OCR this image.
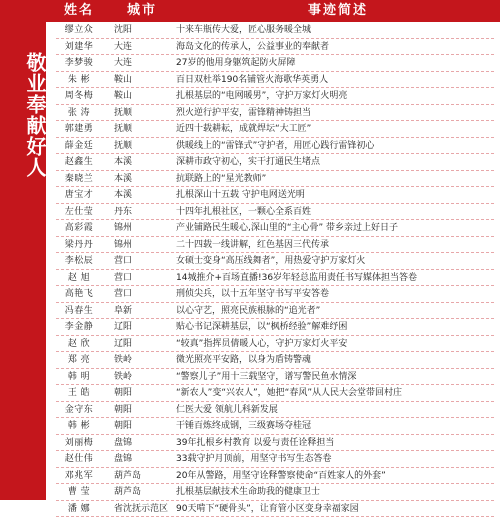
敬业奉献好人
姓名	城市	事迹简述
缪立众	沈阳	十来车瓶传大爱，匠心服务暖全城
刘建华	大连	海岛文化的传承人，公益事业的奉献者
李梦骏	大连	27岁的他用身躯筑起防火屏障
朱 彬	鞍山	百日双杜举190名铺管火海歌华英勇人
周冬梅	鞍山	扎根基层的“电网暖男”，守护万家灯火明亮
张 涛	抚顺	烈火逆行护平安，雷锋精神铸担当
郭建勇	抚顺	近四十载耕耘，成就焊坛“大工匠”
薛金廷	抚顺	供暖线上的“雷锋式”守护者，用匠心践行雷锋初心
赵鑫生	本溪	深耕市政守初心，实干打通民生堵点
秦晓兰	本溪	抗联路上的“星光教师”
唐宝才	本溪	扎根深山十五载 守护电网送光明
左仕莹	丹东	十四年扎根社区，一颗心全系百姓
高彩霞	锦州	产业铺路民生暖心,深山里的“主心骨” 带乡亲过上好日子
梁丹丹	锦州	二十四载一线讲解，红色基因三代传承
李松辰	营口	女硕士变身“高压线舞者”，用热爱守护万家灯火
赵 旭	营口	14城推介+百场直播!36岁年轻总监用责任书写媒体担当答卷
高艳飞	营口	刑侦尖兵，以十五年坚守书写平安答卷
冯春生	阜新	以心守艺，照亮民族根脉的“追光者”
李金静	辽阳	贴心书记深耕基层，以“枫桥经验”解难纾困
赵 欣	辽阳	“较真”指挥员倩暖人心，守护万家灯火平安
郑 亮	铁岭	微光照亮平安路，以身为盾铸警魂
韩 明	铁岭	“警察儿子”用十三载坚守，谱写警民鱼水情深
王 皓	朝阳	“新农人”变“兴农人”，她把“春风”从人民大会堂带回村庄
金守东	朝阳	仁医大爱 领航儿科新发展
韩 彬	朝阳	干锤百炼终成钢，三级赛场夺桂冠
刘丽梅	盘锦	39年扎根乡村教育 以爱与责任诠释担当
赵仕伟	盘锦	33载守护月顶前，用坚守书写生态答卷
邓兆军	葫芦岛	20年从警路，用坚守诠释警察使命“百姓家人的外套”
曹 莹	葫芦岛	扎根基层献技术生命助我的健康卫士
潘 娜	省沈抚示范区 90天啃下“硬骨头”，让育管小区变身幸福家园
